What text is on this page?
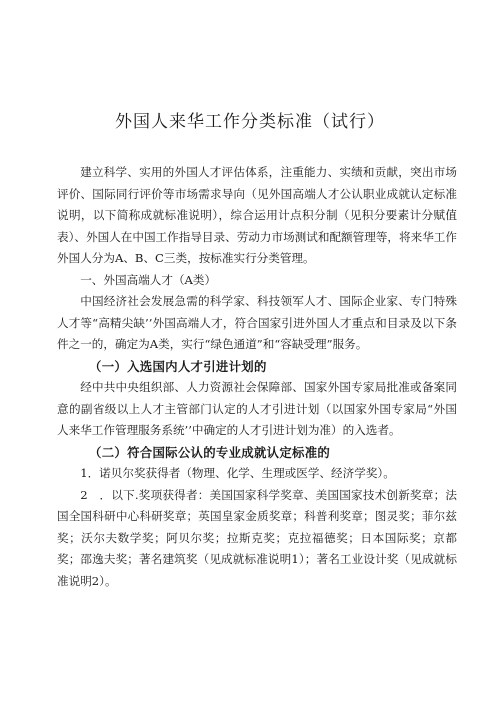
外国人来华工作分类标准（试行）

建立科学、实用的外国人才评估体系，注重能力、实绩和贡献，突出市场评价、国际同行评价等市场需求导向（见外国高端人才公认职业成就认定标准说明，以下简称成就标准说明），综合运用计点积分制（见积分要素计分赋值表）、外国人在中国工作指导目录、劳动力市场测试和配额管理等，将来华工作外国人分为A、B、C三类，按标准实行分类管理。

一、外国高端人才（A类）

中国经济社会发展急需的科学家、科技领军人才、国际企业家、专门特殊人才等“高精尖缺’’外国高端人才，符合国家引进外国人才重点和目录及以下条件之一的，确定为A类，实行“绿色通道”和“容缺受理”服务。

（一）入选国内人才引进计划的

经中共中央组织部、人力资源社会保障部、国家外国专家局批准或备案同意的副省级以上人才主管部门认定的人才引进计划（以国家外国专家局“外国人来华工作管理服务系统’’中确定的人才引进计划为准）的入选者。

（二）符合国际公认的专业成就认定标准的

1．诺贝尔奖获得者（物理、化学、生理或医学、经济学奖）。

2　．以下.奖项获得者：美国国家科学奖章、美国国家技术创新奖章；法国全国科研中心科研奖章；英国皇家金质奖章；科普利奖章；图灵奖；菲尔兹奖；沃尔夫数学奖；阿贝尔奖；拉斯克奖；克拉福德奖；日本国际奖；京都奖；邵逸夫奖；著名建筑奖（见成就标准说明1）；著名工业设计奖（见成就标准说明2）。
